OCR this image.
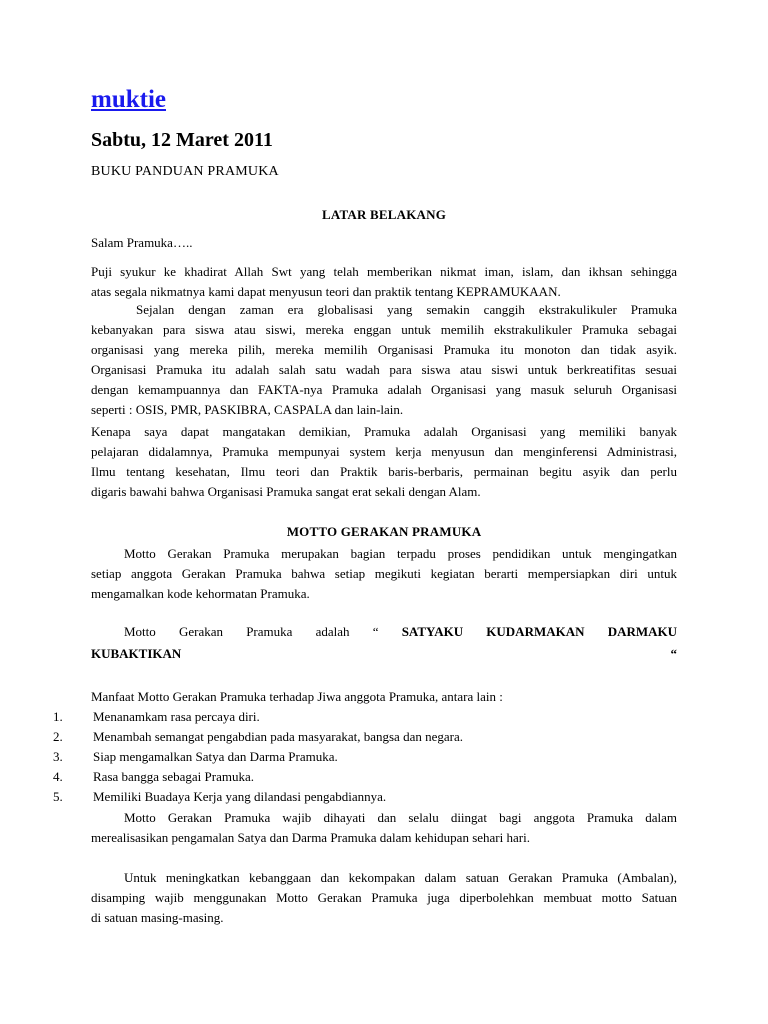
muktie
Sabtu, 12 Maret 2011
BUKU PANDUAN PRAMUKA
LATAR BELAKANG
Salam Pramuka…..
Puji syukur ke khadirat Allah Swt yang telah memberikan nikmat iman, islam, dan ikhsan sehingga
atas segala nikmatnya kami dapat menyusun teori dan praktik tentang KEPRAMUKAAN.
Sejalan dengan zaman era globalisasi yang semakin canggih ekstrakulikuler Pramuka
kebanyakan para siswa atau siswi, mereka enggan untuk memilih ekstrakulikuler Pramuka sebagai
organisasi yang mereka pilih, mereka memilih Organisasi Pramuka itu monoton dan tidak asyik.
Organisasi Pramuka itu adalah salah satu wadah para siswa atau siswi untuk berkreatifitas sesuai
dengan kemampuannya dan FAKTA-nya Pramuka adalah Organisasi yang masuk seluruh Organisasi
seperti : OSIS, PMR, PASKIBRA, CASPALA dan lain-lain.
Kenapa saya dapat mangatakan demikian, Pramuka adalah Organisasi yang memiliki banyak
pelajaran didalamnya, Pramuka mempunyai system kerja menyusun dan menginferensi Administrasi,
Ilmu tentang kesehatan, Ilmu teori dan Praktik baris-berbaris, permainan begitu asyik dan perlu
digaris bawahi bahwa Organisasi Pramuka sangat erat sekali dengan Alam.
MOTTO GERAKAN PRAMUKA
Motto Gerakan Pramuka merupakan bagian terpadu proses pendidikan untuk mengingatkan
setiap anggota Gerakan Pramuka bahwa setiap megikuti kegiatan berarti mempersiapkan diri untuk
mengamalkan kode kehormatan Pramuka.
Motto Gerakan Pramuka adalah “ SATYAKU KUDARMAKAN DARMAKU
KUBAKTIKAN “
Manfaat Motto Gerakan Pramuka terhadap Jiwa anggota Pramuka, antara lain :
1. Menanamkam rasa percaya diri.
2. Menambah semangat pengabdian pada masyarakat, bangsa dan negara.
3. Siap mengamalkan Satya dan Darma Pramuka.
4. Rasa bangga sebagai Pramuka.
5. Memiliki Buadaya Kerja yang dilandasi pengabdiannya.
Motto Gerakan Pramuka wajib dihayati dan selalu diingat bagi anggota Pramuka dalam
merealisasikan pengamalan Satya dan Darma Pramuka dalam kehidupan sehari hari.
Untuk meningkatkan kebanggaan dan kekompakan dalam satuan Gerakan Pramuka (Ambalan),
disamping wajib menggunakan Motto Gerakan Pramuka juga diperbolehkan membuat motto Satuan
di satuan masing-masing.
